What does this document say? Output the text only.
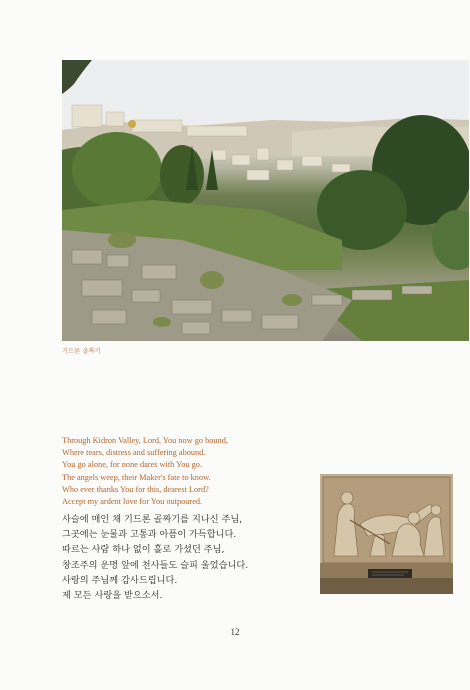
기드론 골짜기
Through Kidron Valley, Lord, You now go bound,
Where tears, distress and suffering abound.
You go alone, for none dares with You go.
The angels weep, their Maker's fate to know.
Who ever thanks You for this, dearest Lord?
Accept my ardent love for You outpoured.
사슬에 매인 채 기드론 골짜기를 지나신 주님,
그곳에는 눈물과 고통과 아픔이 가득합니다.
따르는 사람 하나 없이 홀로 가셨던 주님,
창조주의 운명 앞에 천사들도 슬피 울었습니다.
사랑의 주님께 감사드립니다.
제 모든 사랑을 받으소서.
12
